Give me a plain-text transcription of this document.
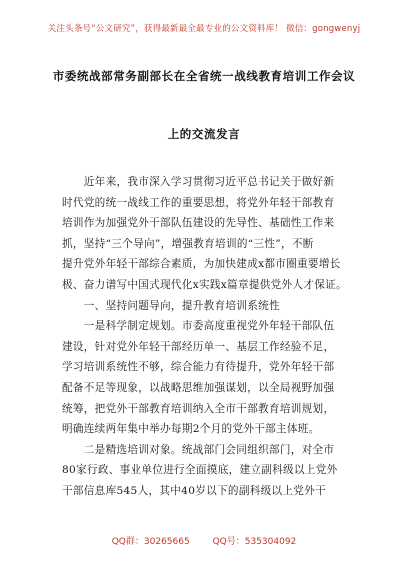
关注头条号“公文研究”，获得最新最全最专业的公文资料库！ 微信：gongwenyj
市委统战部常务副部长在全省统一战线教育培训工作会议
上的交流发言
　　近年来，我市深入学习贯彻习近平总书记关于做好新
时代党的统一战线工作的重要思想，将党外年轻干部教育
培训作为加强党外干部队伍建设的先导性、基础性工作来
抓，坚持“三个导向”，增强教育培训的“三性”，不断
提升党外年轻干部综合素质，为加快建成x都市圈重要增长
极、奋力谱写中国式现代化x实践x篇章提供党外人才保证。
　　一、坚持问题导向，提升教育培训系统性
　　一是科学制定规划。市委高度重视党外年轻干部队伍
建设，针对党外年轻干部经历单一、基层工作经验不足，
学习培训系统性不够，综合能力有待提升，党外年轻干部
配备不足等现象，以战略思维加强谋划，以全局视野加强
统筹，把党外干部教育培训纳入全市干部教育培训规划，
明确连续两年集中举办每期2个月的党外干部主体班。
　　二是精选培训对象。统战部门会同组织部门，对全市
80家行政、事业单位进行全面摸底，建立副科级以上党外
干部信息库545人，其中40岁以下的副科级以上党外干
QQ群：30265665	QQ号：535304092
